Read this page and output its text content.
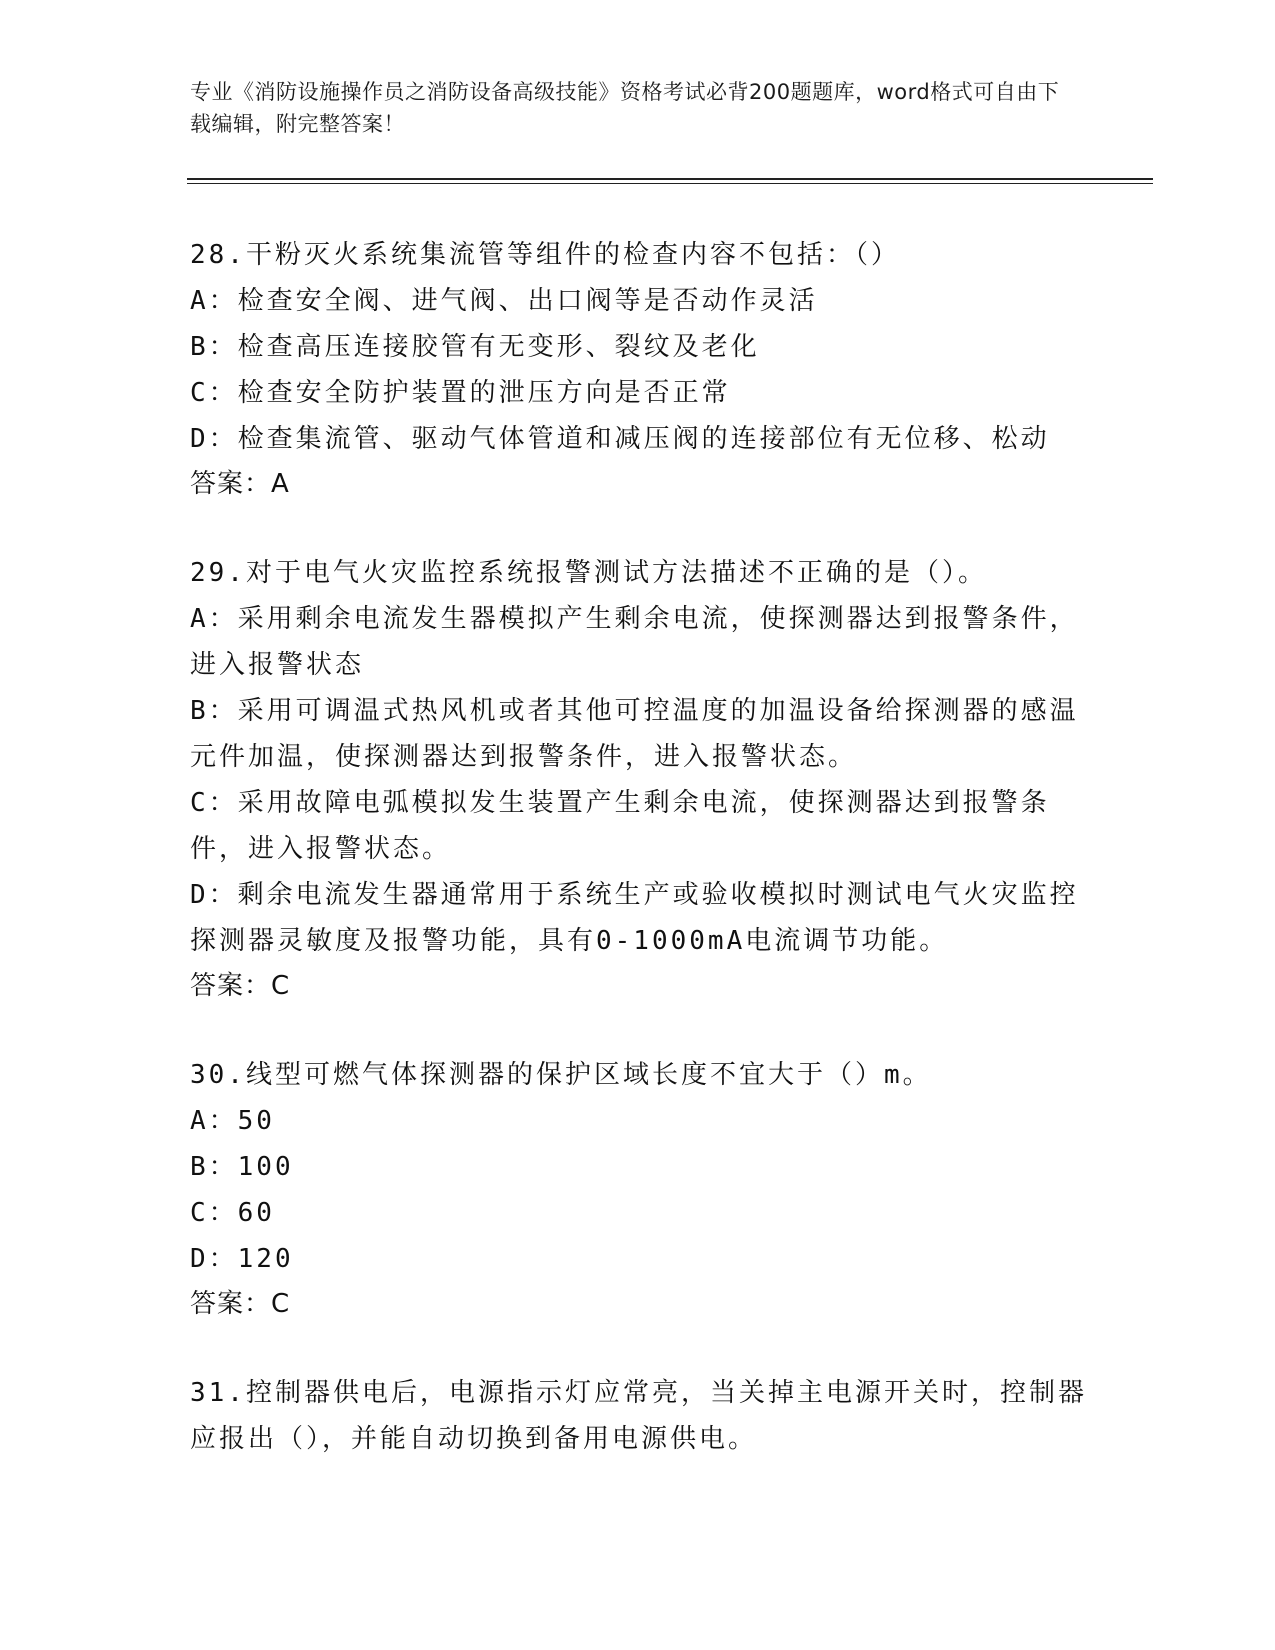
专业《消防设施操作员之消防设备高级技能》资格考试必背200题题库，word格式可自由下载编辑，附完整答案！
28.干粉灭火系统集流管等组件的检查内容不包括：（）
A：检查安全阀、进气阀、出口阀等是否动作灵活
B：检查高压连接胶管有无变形、裂纹及老化
C：检查安全防护装置的泄压方向是否正常
D：检查集流管、驱动气体管道和减压阀的连接部位有无位移、松动
答案：A
29.对于电气火灾监控系统报警测试方法描述不正确的是（）。
A：采用剩余电流发生器模拟产生剩余电流，使探测器达到报警条件，进入报警状态
B：采用可调温式热风机或者其他可控温度的加温设备给探测器的感温元件加温，使探测器达到报警条件，进入报警状态。
C：采用故障电弧模拟发生装置产生剩余电流，使探测器达到报警条件，进入报警状态。
D：剩余电流发生器通常用于系统生产或验收模拟时测试电气火灾监控探测器灵敏度及报警功能，具有0-1000mA电流调节功能。
答案：C
30.线型可燃气体探测器的保护区域长度不宜大于（）m。
A：50
B：100
C：60
D：120
答案：C
31.控制器供电后，电源指示灯应常亮，当关掉主电源开关时，控制器应报出（），并能自动切换到备用电源供电。
